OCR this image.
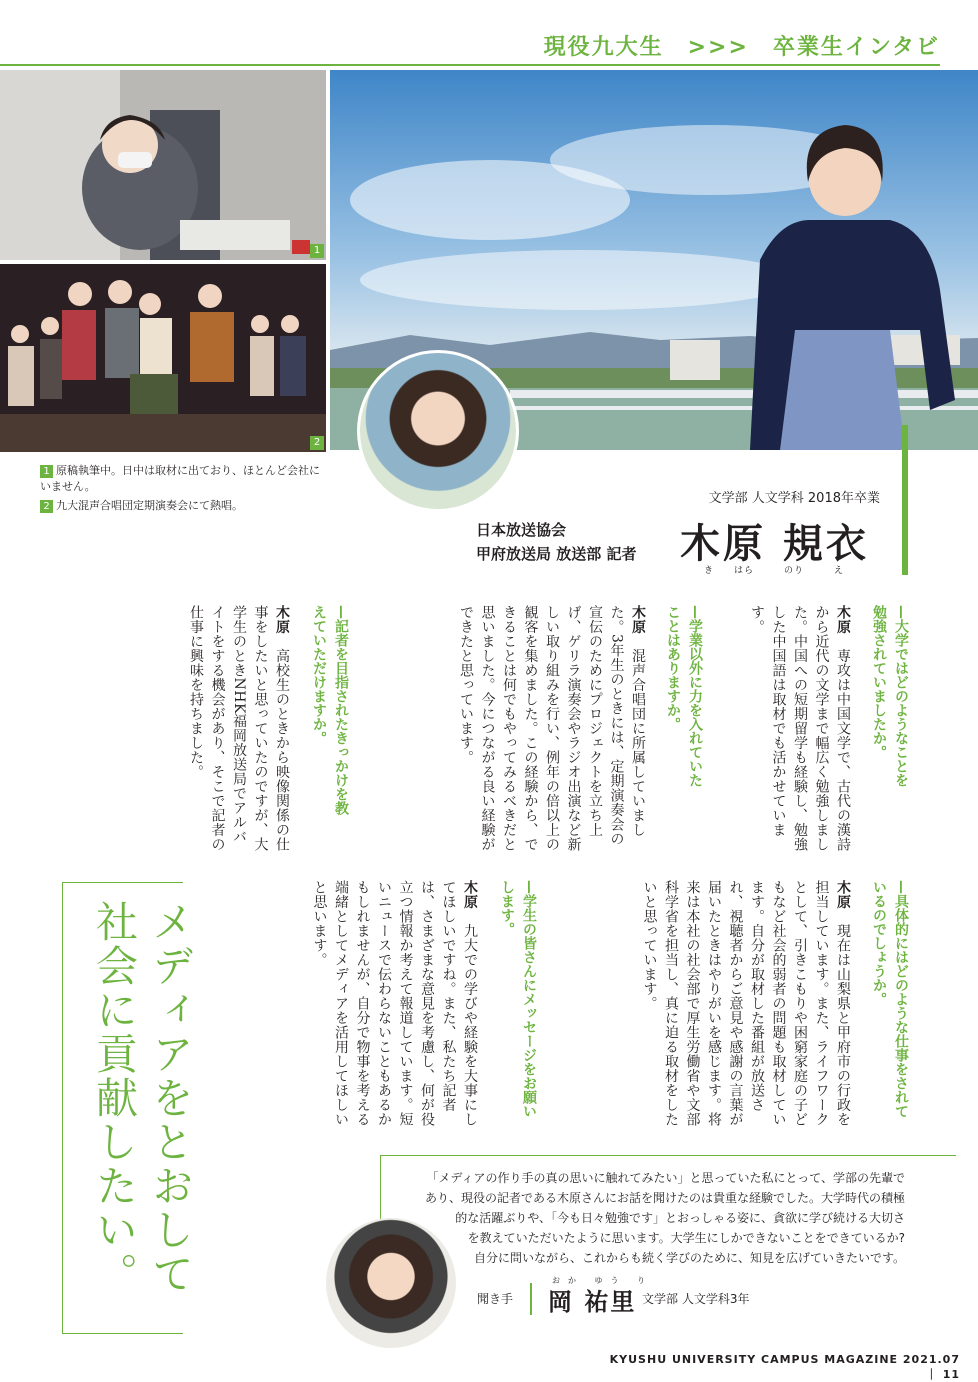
現役九大生　>>>　卒業生インタビ
1
2
1 原稿執筆中。日中は取材に出ており、ほとんど会社にいません。
2 九大混声合唱団定期演奏会にて熱唱。	文学部 人文学科 2018年卒業
日本放送協会
甲府放送局 放送部 記者 木原 規衣
き　　はら　　　のり　　　え
—大学ではどのようなことを勉強されていましたか。
木原　専攻は中国文学で、古代の漢詩から近代の文学まで幅広く勉強しました。中国への短期留学も経験し、勉強した中国語は取材でも活かせています。
—学業以外に力を入れていたことはありますか。
木原　混声合唱団に所属していました。3年生のときには、定期演奏会の宣伝のためにプロジェクトを立ち上げ、ゲリラ演奏会やラジオ出演など新しい取り組みを行い、例年の倍以上の観客を集めました。この経験から、できることは何でもやってみるべきだと思いました。今につながる良い経験ができたと思っています。
—記者を目指されたきっかけを教えていただけますか。
木原　高校生のときから映像関係の仕事をしたいと思っていたのですが、大学生のときNHK福岡放送局でアルバイトをする機会があり、そこで記者の仕事に興味を持ちました。
—具体的にはどのような仕事をされているのでしょうか。
木原　現在は山梨県と甲府市の行政を担当しています。また、ライフワークとして、引きこもりや困窮家庭の子どもなど社会的弱者の問題も取材しています。自分が取材した番組が放送され、視聴者からご意見や感謝の言葉が届いたときはやりがいを感じます。将来は本社の社会部で厚生労働省や文部科学省を担当し、真に迫る取材をしたいと思っています。
—学生の皆さんにメッセージをお願いします。
木原　九大での学びや経験を大事にしてほしいですね。また、私たち記者は、さまざまな意見を考慮し、何が役立つ情報か考えて報道しています。短いニュースで伝わらないこともあるかもしれませんが、自分で物事を考える端緒としてメディアを活用してほしいと思います。
メディアをとおして
社会に貢献したい。	「メディアの作り手の真の思いに触れてみたい」と思っていた私にとって、学部の先輩で
あり、現役の記者である木原さんにお話を聞けたのは貴重な経験でした。大学時代の積極
的な活躍ぶりや、「今も日々勉強です」とおっしゃる姿に、貪欲に学び続ける大切さ
を教えていただいたように思います。大学生にしかできないことをできているか?
自分に問いながら、これからも続く学びのために、知見を広げていきたいです。
聞き手
おか ゆう り
岡 祐里 文学部 人文学科3年
KYUSHU UNIVERSITY CAMPUS MAGAZINE 2021.07 ｜ 11
